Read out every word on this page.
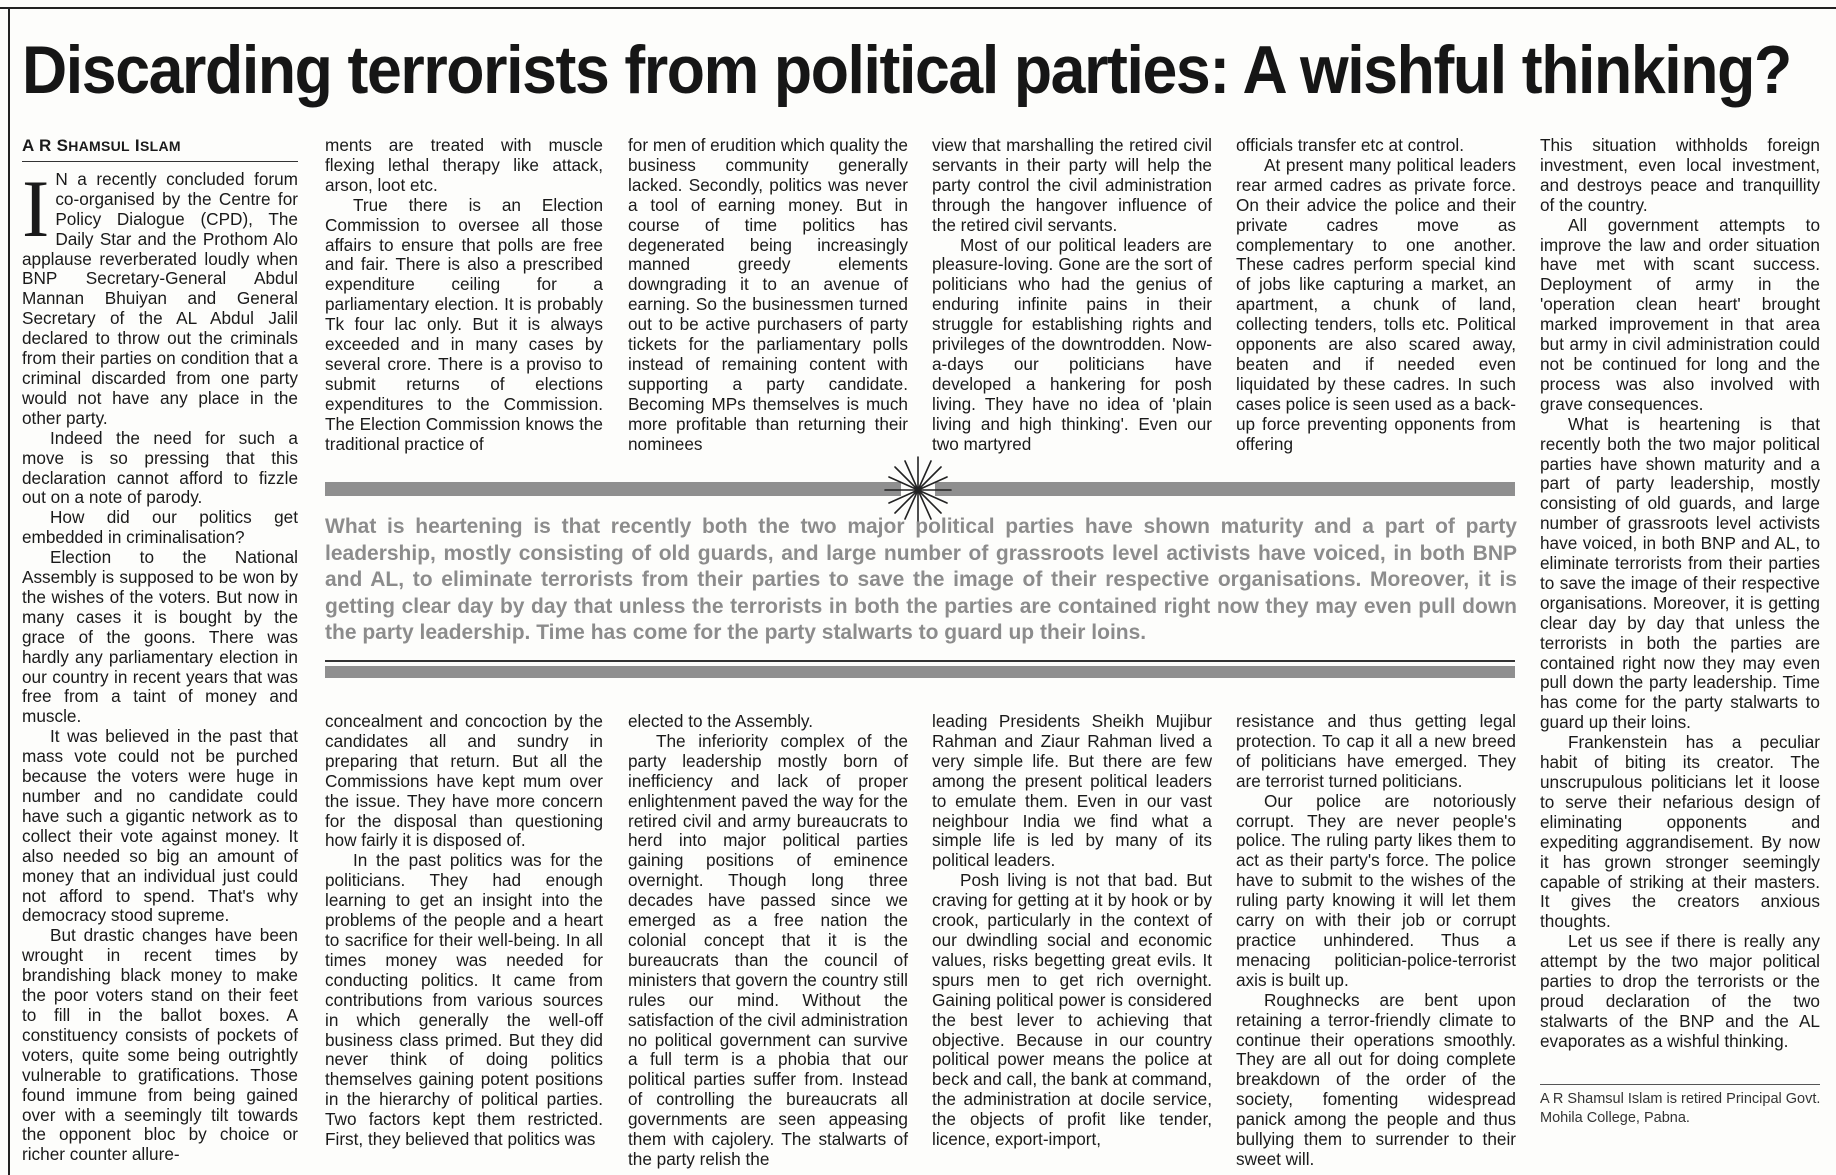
Discarding terrorists from political parties: A wishful thinking?
A R SHAMSUL ISLAM

I N a recently concluded forum co-organised by the Centre for Policy Dialogue (CPD), The Daily Star and the Prothom Alo applause reverberated loudly when BNP Secretary-General Abdul Mannan Bhuiyan and General Secretary of the AL Abdul Jalil declared to throw out the criminals from their parties on condition that a criminal discarded from one party would not have any place in the other party.

Indeed the need for such a move is so pressing that this declaration cannot afford to fizzle out on a note of parody.

How did our politics get embedded in criminalisation?

Election to the National Assembly is supposed to be won by the wishes of the voters. But now in many cases it is bought by the grace of the goons. There was hardly any parliamentary election in our country in recent years that was free from a taint of money and muscle.

It was believed in the past that mass vote could not be purched because the voters were huge in number and no candidate could have such a gigantic network as to collect their vote against money. It also needed so big an amount of money that an individual just could not afford to spend. That's why democracy stood supreme.

But drastic changes have been wrought in recent times by brandishing black money to make the poor voters stand on their feet to fill in the ballot boxes. A constituency consists of pockets of voters, quite some being outrightly vulnerable to gratifications. Those found immune from being gained over with a seemingly tilt towards the opponent bloc by choice or richer counter allure-

ments are treated with muscle flexing lethal therapy like attack, arson, loot etc.

True there is an Election Commission to oversee all those affairs to ensure that polls are free and fair. There is also a prescribed expenditure ceiling for a parliamentary election. It is probably Tk four lac only. But it is always exceeded and in many cases by several crore. There is a proviso to submit returns of elections expenditures to the Commission. The Election Commission knows the traditional practice of

for men of erudition which quality the business community generally lacked. Secondly, politics was never a tool of earning money. But in course of time politics has degenerated being increasingly manned greedy elements downgrading it to an avenue of earning. So the businessmen turned out to be active purchasers of party tickets for the parliamentary polls instead of remaining content with supporting a party candidate. Becoming MPs themselves is much more profitable than returning their nominees

view that marshalling the retired civil servants in their party will help the party control the civil administration through the hangover influence of the retired civil servants.

Most of our political leaders are pleasure-loving. Gone are the sort of politicians who had the genius of enduring infinite pains in their struggle for establishing rights and privileges of the downtrodden. Now-a-days our politicians have developed a hankering for posh living. They have no idea of 'plain living and high thinking'. Even our two martyred

officials transfer etc at control.

At present many political leaders rear armed cadres as private force. On their advice the police and their private cadres move as complementary to one another. These cadres perform special kind of jobs like capturing a market, an apartment, a chunk of land, collecting tenders, tolls etc. Political opponents are also scared away, beaten and if needed even liquidated by these cadres. In such cases police is seen used as a back-up force preventing opponents from offering

This situation withholds foreign investment, even local investment, and destroys peace and tranquillity of the country.

All government attempts to improve the law and order situation have met with scant success. Deployment of army in the 'operation clean heart' brought marked improvement in that area but army in civil administration could not be continued for long and the process was also involved with grave consequences.

What is heartening is that recently both the two major political parties have shown maturity and a part of party leadership, mostly consisting of old guards, and large number of grassroots level activists have voiced, in both BNP and AL, to eliminate terrorists from their parties to save the image of their respective organisations. Moreover, it is getting clear day by day that unless the terrorists in both the parties are contained right now they may even pull down the party leadership. Time has come for the party stalwarts to guard up their loins.

Frankenstein has a peculiar habit of biting its creator. The unscrupulous politicians let it loose to serve their nefarious design of eliminating opponents and expediting aggrandisement. By now it has grown stronger seemingly capable of striking at their masters. It gives the creators anxious thoughts.

Let us see if there is really any attempt by the two major political parties to drop the terrorists or the proud declaration of the two stalwarts of the BNP and the AL evaporates as a wishful thinking.

What is heartening is that recently both the two major political parties have shown maturity and a part of party leadership, mostly consisting of old guards, and large number of grassroots level activists have voiced, in both BNP and AL, to eliminate terrorists from their parties to save the image of their respective organisations. Moreover, it is getting clear day by day that unless the terrorists in both the parties are contained right now they may even pull down the party leadership. Time has come for the party stalwarts to guard up their loins.

concealment and concoction by the candidates all and sundry in preparing that return. But all the Commissions have kept mum over the issue. They have more concern for the disposal than questioning how fairly it is disposed of.

In the past politics was for the politicians. They had enough learning to get an insight into the problems of the people and a heart to sacrifice for their well-being. In all times money was needed for conducting politics. It came from contributions from various sources in which generally the well-off business class primed. But they did never think of doing politics themselves gaining potent positions in the hierarchy of political parties. Two factors kept them restricted. First, they believed that politics was

elected to the Assembly.

The inferiority complex of the party leadership mostly born of inefficiency and lack of proper enlightenment paved the way for the retired civil and army bureaucrats to herd into major political parties gaining positions of eminence overnight. Though long three decades have passed since we emerged as a free nation the colonial concept that it is the bureaucrats than the council of ministers that govern the country still rules our mind. Without the satisfaction of the civil administration no political government can survive a full term is a phobia that our political parties suffer from. Instead of controlling the bureaucrats all governments are seen appeasing them with cajolery. The stalwarts of the party relish the

leading Presidents Sheikh Mujibur Rahman and Ziaur Rahman lived a very simple life. But there are few among the present political leaders to emulate them. Even in our vast neighbour India we find what a simple life is led by many of its political leaders.

Posh living is not that bad. But craving for getting at it by hook or by crook, particularly in the context of our dwindling social and economic values, risks begetting great evils. It spurs men to get rich overnight. Gaining political power is considered the best lever to achieving that objective. Because in our country political power means the police at beck and call, the bank at command, the administration at docile service, the objects of profit like tender, licence, export-import,

resistance and thus getting legal protection. To cap it all a new breed of politicians have emerged. They are terrorist turned politicians.

Our police are notoriously corrupt. They are never people's police. The ruling party likes them to act as their party's force. The police have to submit to the wishes of the ruling party knowing it will let them carry on with their job or corrupt practice unhindered. Thus a menacing politician-police-terrorist axis is built up.

Roughnecks are bent upon retaining a terror-friendly climate to continue their operations smoothly. They are all out for doing complete breakdown of the order of the society, fomenting widespread panick among the people and thus bullying them to surrender to their sweet will.

A R Shamsul Islam is retired Principal Govt. Mohila College, Pabna.
